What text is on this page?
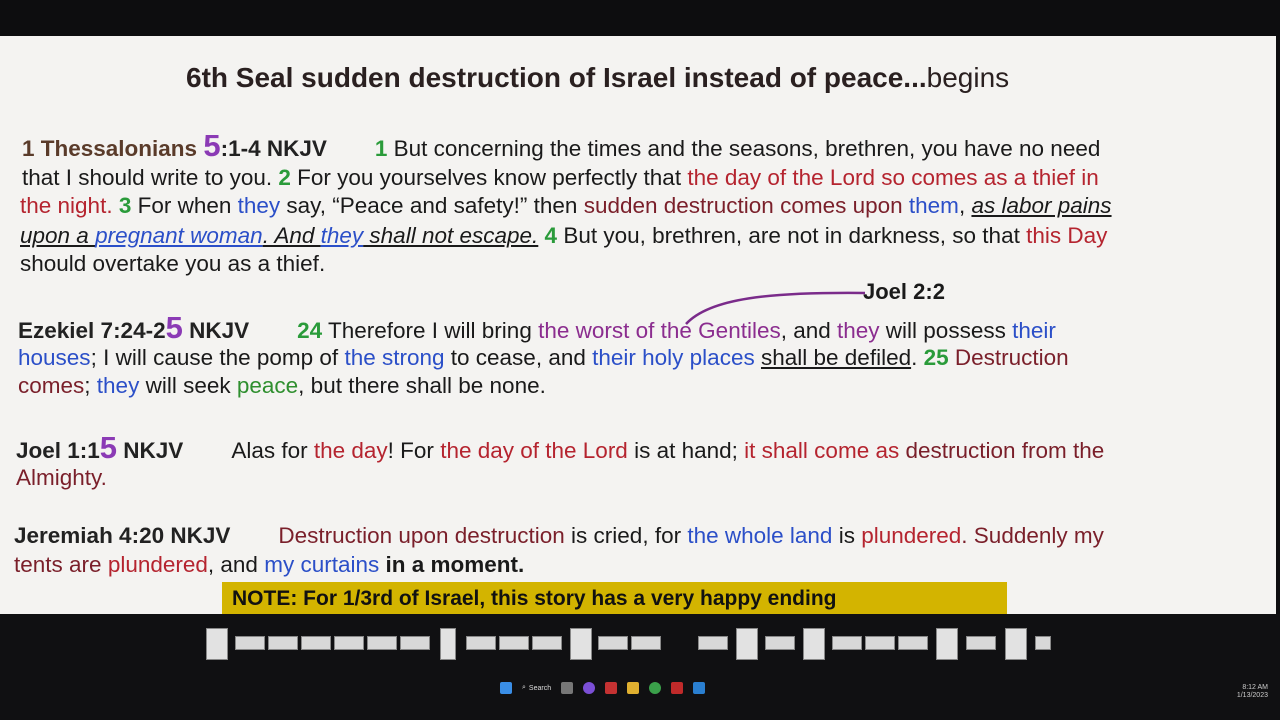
6th Seal sudden destruction of Israel instead of peace...begins

1 Thessalonians 5:1-4 NKJV 1 But concerning the times and the seasons, brethren, you have no need

that I should write to you. 2 For you yourselves know perfectly that the day of the Lord so comes as a thief in

the night. 3 For when they say, “Peace and safety!” then sudden destruction comes upon them, as labor pains

upon a pregnant woman. And they shall not escape. 4 But you, brethren, are not in darkness, so that this Day

should overtake you as a thief.

Joel 2:2

Ezekiel 7:24-25 NKJV 24 Therefore I will bring the worst of the Gentiles, and they will possess their

houses; I will cause the pomp of the strong to cease, and their holy places shall be defiled. 25 Destruction

comes; they will seek peace, but there shall be none.

Joel 1:15 NKJV Alas for the day! For the day of the Lord is at hand; it shall come as destruction from the

Almighty.

Jeremiah 4:20 NKJV Destruction upon destruction is cried, for the whole land is plundered. Suddenly my

tents are plundered, and my curtains in a moment.

NOTE: For 1/3rd of Israel, this story has a very happy ending
⌕ Search	8:12 AM
1/13/2023
